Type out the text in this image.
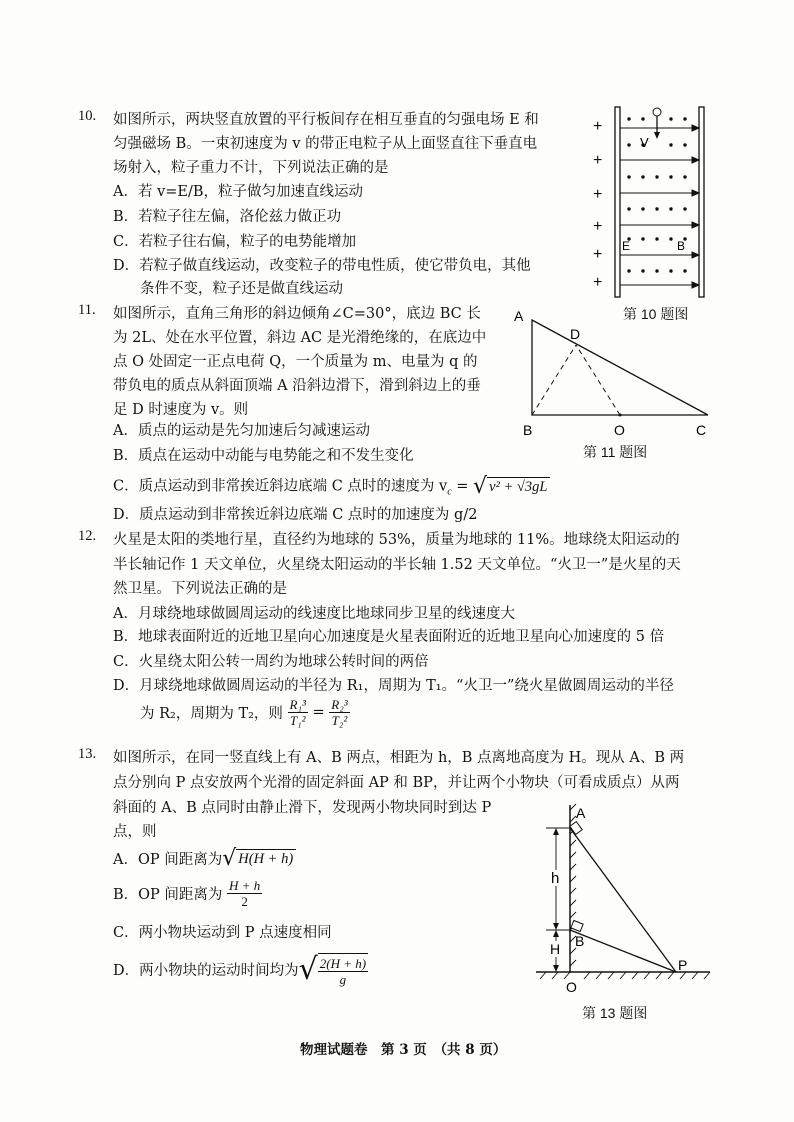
10. 如图所示，两块竖直放置的平行板间存在相互垂直的匀强电场 E 和
匀强磁场 B。一束初速度为 v 的带正电粒子从上面竖直往下垂直电
场射入，粒子重力不计，下列说法正确的是
A．若 v=E/B，粒子做匀加速直线运动
B．若粒子往左偏，洛伦兹力做正功
C．若粒子往右偏，粒子的电势能增加
D．若粒子做直线运动，改变粒子的带电性质，使它带负电，其他
条件不变，粒子还是做直线运动
+
+
+
+
+
+
V
E	B
第 10 题图
11. 如图所示，直角三角形的斜边倾角∠C=30°，底边 BC 长
为 2L、处在水平位置，斜边 AC 是光滑绝缘的，在底边中
点 O 处固定一正点电荷 Q，一个质量为 m、电量为 q 的
带负电的质点从斜面顶端 A 沿斜边滑下，滑到斜边上的垂
足 D 时速度为 v。则
A．质点的运动是先匀加速后匀减速运动
B．质点在运动中动能与电势能之和不发生变化
C．质点运动到非常挨近斜边底端 C 点时的速度为 $v_c$ = √ v² + √3gL
D．质点运动到非常挨近斜边底端 C 点时的加速度为 g/2
A
D
B	O	C
第 11 题图
12. 火星是太阳的类地行星，直径约为地球的 53%，质量为地球的 11%。地球绕太阳运动的
半长轴记作 1 天文单位，火星绕太阳运动的半长轴 1.52 天文单位。“火卫一”是火星的天
然卫星。下列说法正确的是
A．月球绕地球做圆周运动的线速度比地球同步卫星的线速度大
B．地球表面附近的近地卫星向心加速度是火星表面附近的近地卫星向心加速度的 5 倍
C．火星绕太阳公转一周约为地球公转时间的两倍
D．月球绕地球做圆周运动的半径为 R₁，周期为 T₁。“火卫一”绕火星做圆周运动的半径
为 R₂，周期为 T₂，则 $\frac{\text{R₁³}}{\text{T₁²}} = \frac{\text{R₂³}}{\text{T₂²}}$
13. 如图所示，在同一竖直线上有 A、B 两点，相距为 h，B 点离地高度为 H。现从 A、B 两
点分别向 P 点安放两个光滑的固定斜面 AP 和 BP，并让两个小物块（可看成质点）从两
斜面的 A、B 点同时由静止滑下，发现两小物块同时到达 P
点，则
A．OP 间距离为√ H(H + h)
B．OP 间距离为 $\frac{H + h}{2}$
C．两小物块运动到 P 点速度相同
D．两小物块的运动时间均为√ $\frac{2(H + h)}{g}$
h
H
A
B
O
P
第 13 题图
物理试题卷　第 3 页　（共 8 页）
